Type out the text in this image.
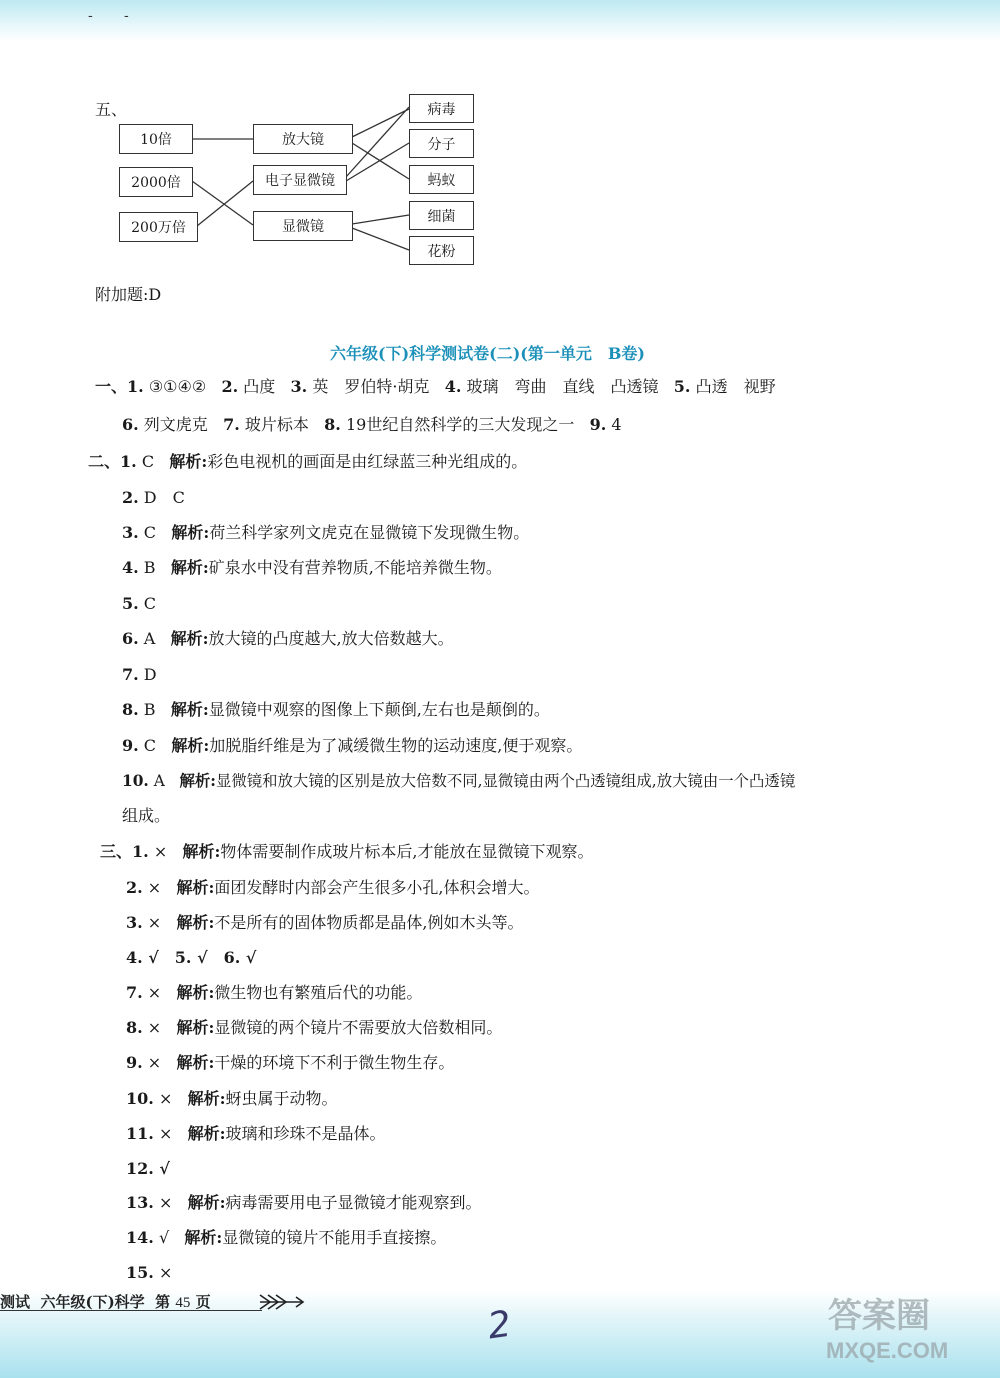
- -
五、
10倍
2000倍
200万倍
放大镜
电子显微镜
显微镜
病毒
分子
蚂蚁
细菌
花粉
附加题:D
六年级(下)科学测试卷(二)(第一单元　B卷)
一、1. ③①④② 2. 凸度 3. 英　罗伯特·胡克 4. 玻璃　弯曲　直线　凸透镜 5. 凸透　视野
6. 列文虎克 7. 玻片标本 8. 19世纪自然科学的三大发现之一 9. 4
二、1. C 解析:彩色电视机的画面是由红绿蓝三种光组成的。
2. D　C
3. C 解析:荷兰科学家列文虎克在显微镜下发现微生物。
4. B 解析:矿泉水中没有营养物质,不能培养微生物。
5. C
6. A 解析:放大镜的凸度越大,放大倍数越大。
7. D
8. B 解析:显微镜中观察的图像上下颠倒,左右也是颠倒的。
9. C 解析:加脱脂纤维是为了减缓微生物的运动速度,便于观察。
10. A 解析:显微镜和放大镜的区别是放大倍数不同,显微镜由两个凸透镜组成,放大镜由一个凸透镜
组成。
三、1. × 解析:物体需要制作成玻片标本后,才能放在显微镜下观察。
2. × 解析:面团发酵时内部会产生很多小孔,体积会增大。
3. × 解析:不是所有的固体物质都是晶体,例如木头等。
4. √　5. √　6. √
7. × 解析:微生物也有繁殖后代的功能。
8. × 解析:显微镜的两个镜片不需要放大倍数相同。
9. × 解析:干燥的环境下不利于微生物生存。
10. × 解析:蚜虫属于动物。
11. × 解析:玻璃和珍珠不是晶体。
12. √
13. × 解析:病毒需要用电子显微镜才能观察到。
14. √ 解析:显微镜的镜片不能用手直接擦。
15. ×
测试 六年级(下)科学 第 45 页
2	答案圈
MXQE.COM
